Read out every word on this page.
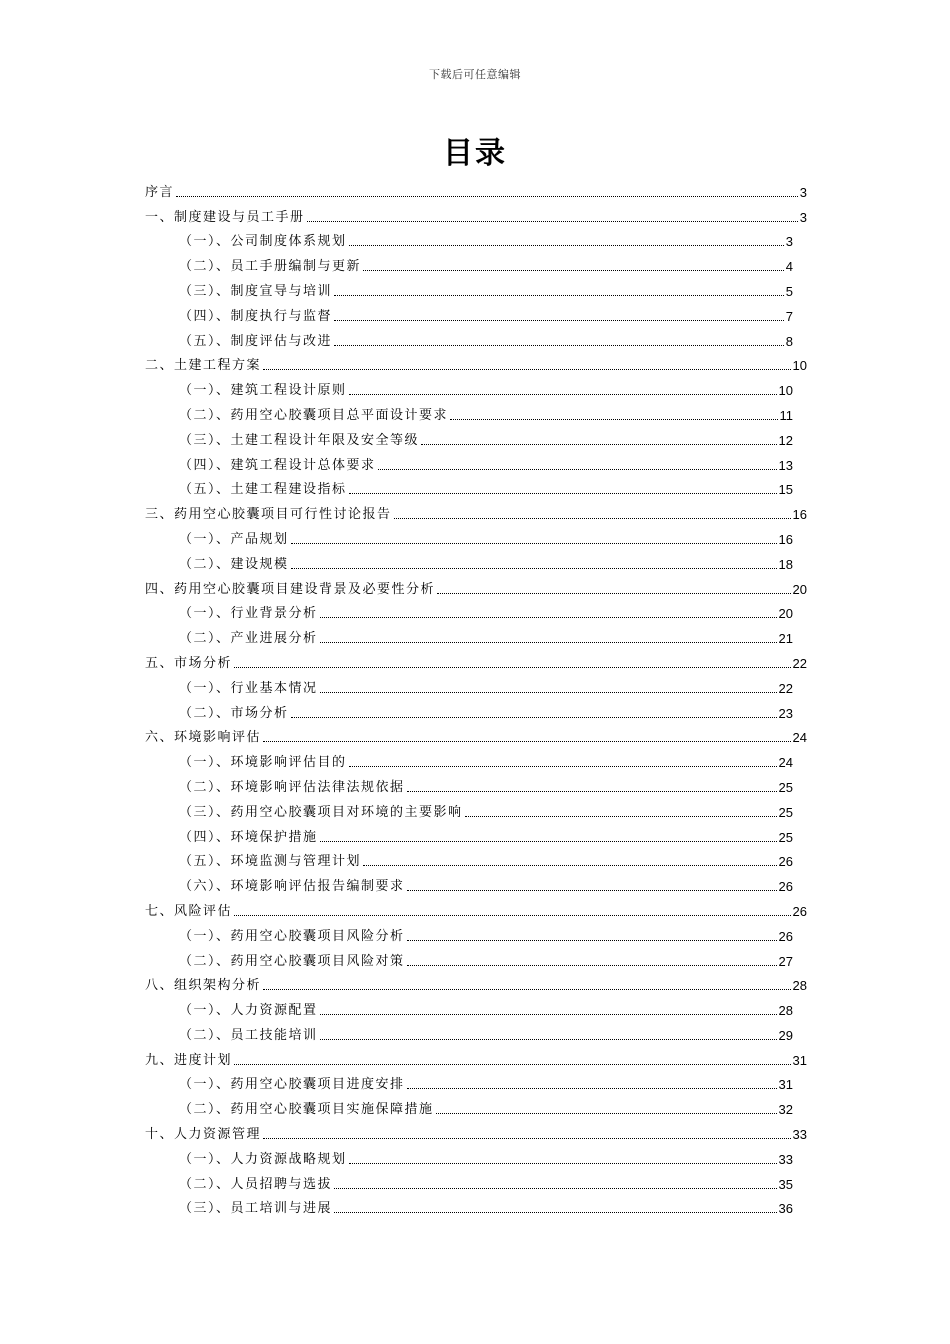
下载后可任意编辑
目录
序言	3
一、制度建设与员工手册	3
（一）、公司制度体系规划	3
（二）、员工手册编制与更新	4
（三）、制度宣导与培训	5
（四）、制度执行与监督	7
（五）、制度评估与改进	8
二、土建工程方案	10
（一）、建筑工程设计原则	10
（二）、药用空心胶囊项目总平面设计要求	11
（三）、土建工程设计年限及安全等级	12
（四）、建筑工程设计总体要求	13
（五）、土建工程建设指标	15
三、药用空心胶囊项目可行性讨论报告	16
（一）、产品规划	16
（二）、建设规模	18
四、药用空心胶囊项目建设背景及必要性分析	20
（一）、行业背景分析	20
（二）、产业进展分析	21
五、市场分析	22
（一）、行业基本情况	22
（二）、市场分析	23
六、环境影响评估	24
（一）、环境影响评估目的	24
（二）、环境影响评估法律法规依据	25
（三）、药用空心胶囊项目对环境的主要影响	25
（四）、环境保护措施	25
（五）、环境监测与管理计划	26
（六）、环境影响评估报告编制要求	26
七、风险评估	26
（一）、药用空心胶囊项目风险分析	26
（二）、药用空心胶囊项目风险对策	27
八、组织架构分析	28
（一）、人力资源配置	28
（二）、员工技能培训	29
九、进度计划	31
（一）、药用空心胶囊项目进度安排	31
（二）、药用空心胶囊项目实施保障措施	32
十、人力资源管理	33
（一）、人力资源战略规划	33
（二）、人员招聘与选拔	35
（三）、员工培训与进展	36
